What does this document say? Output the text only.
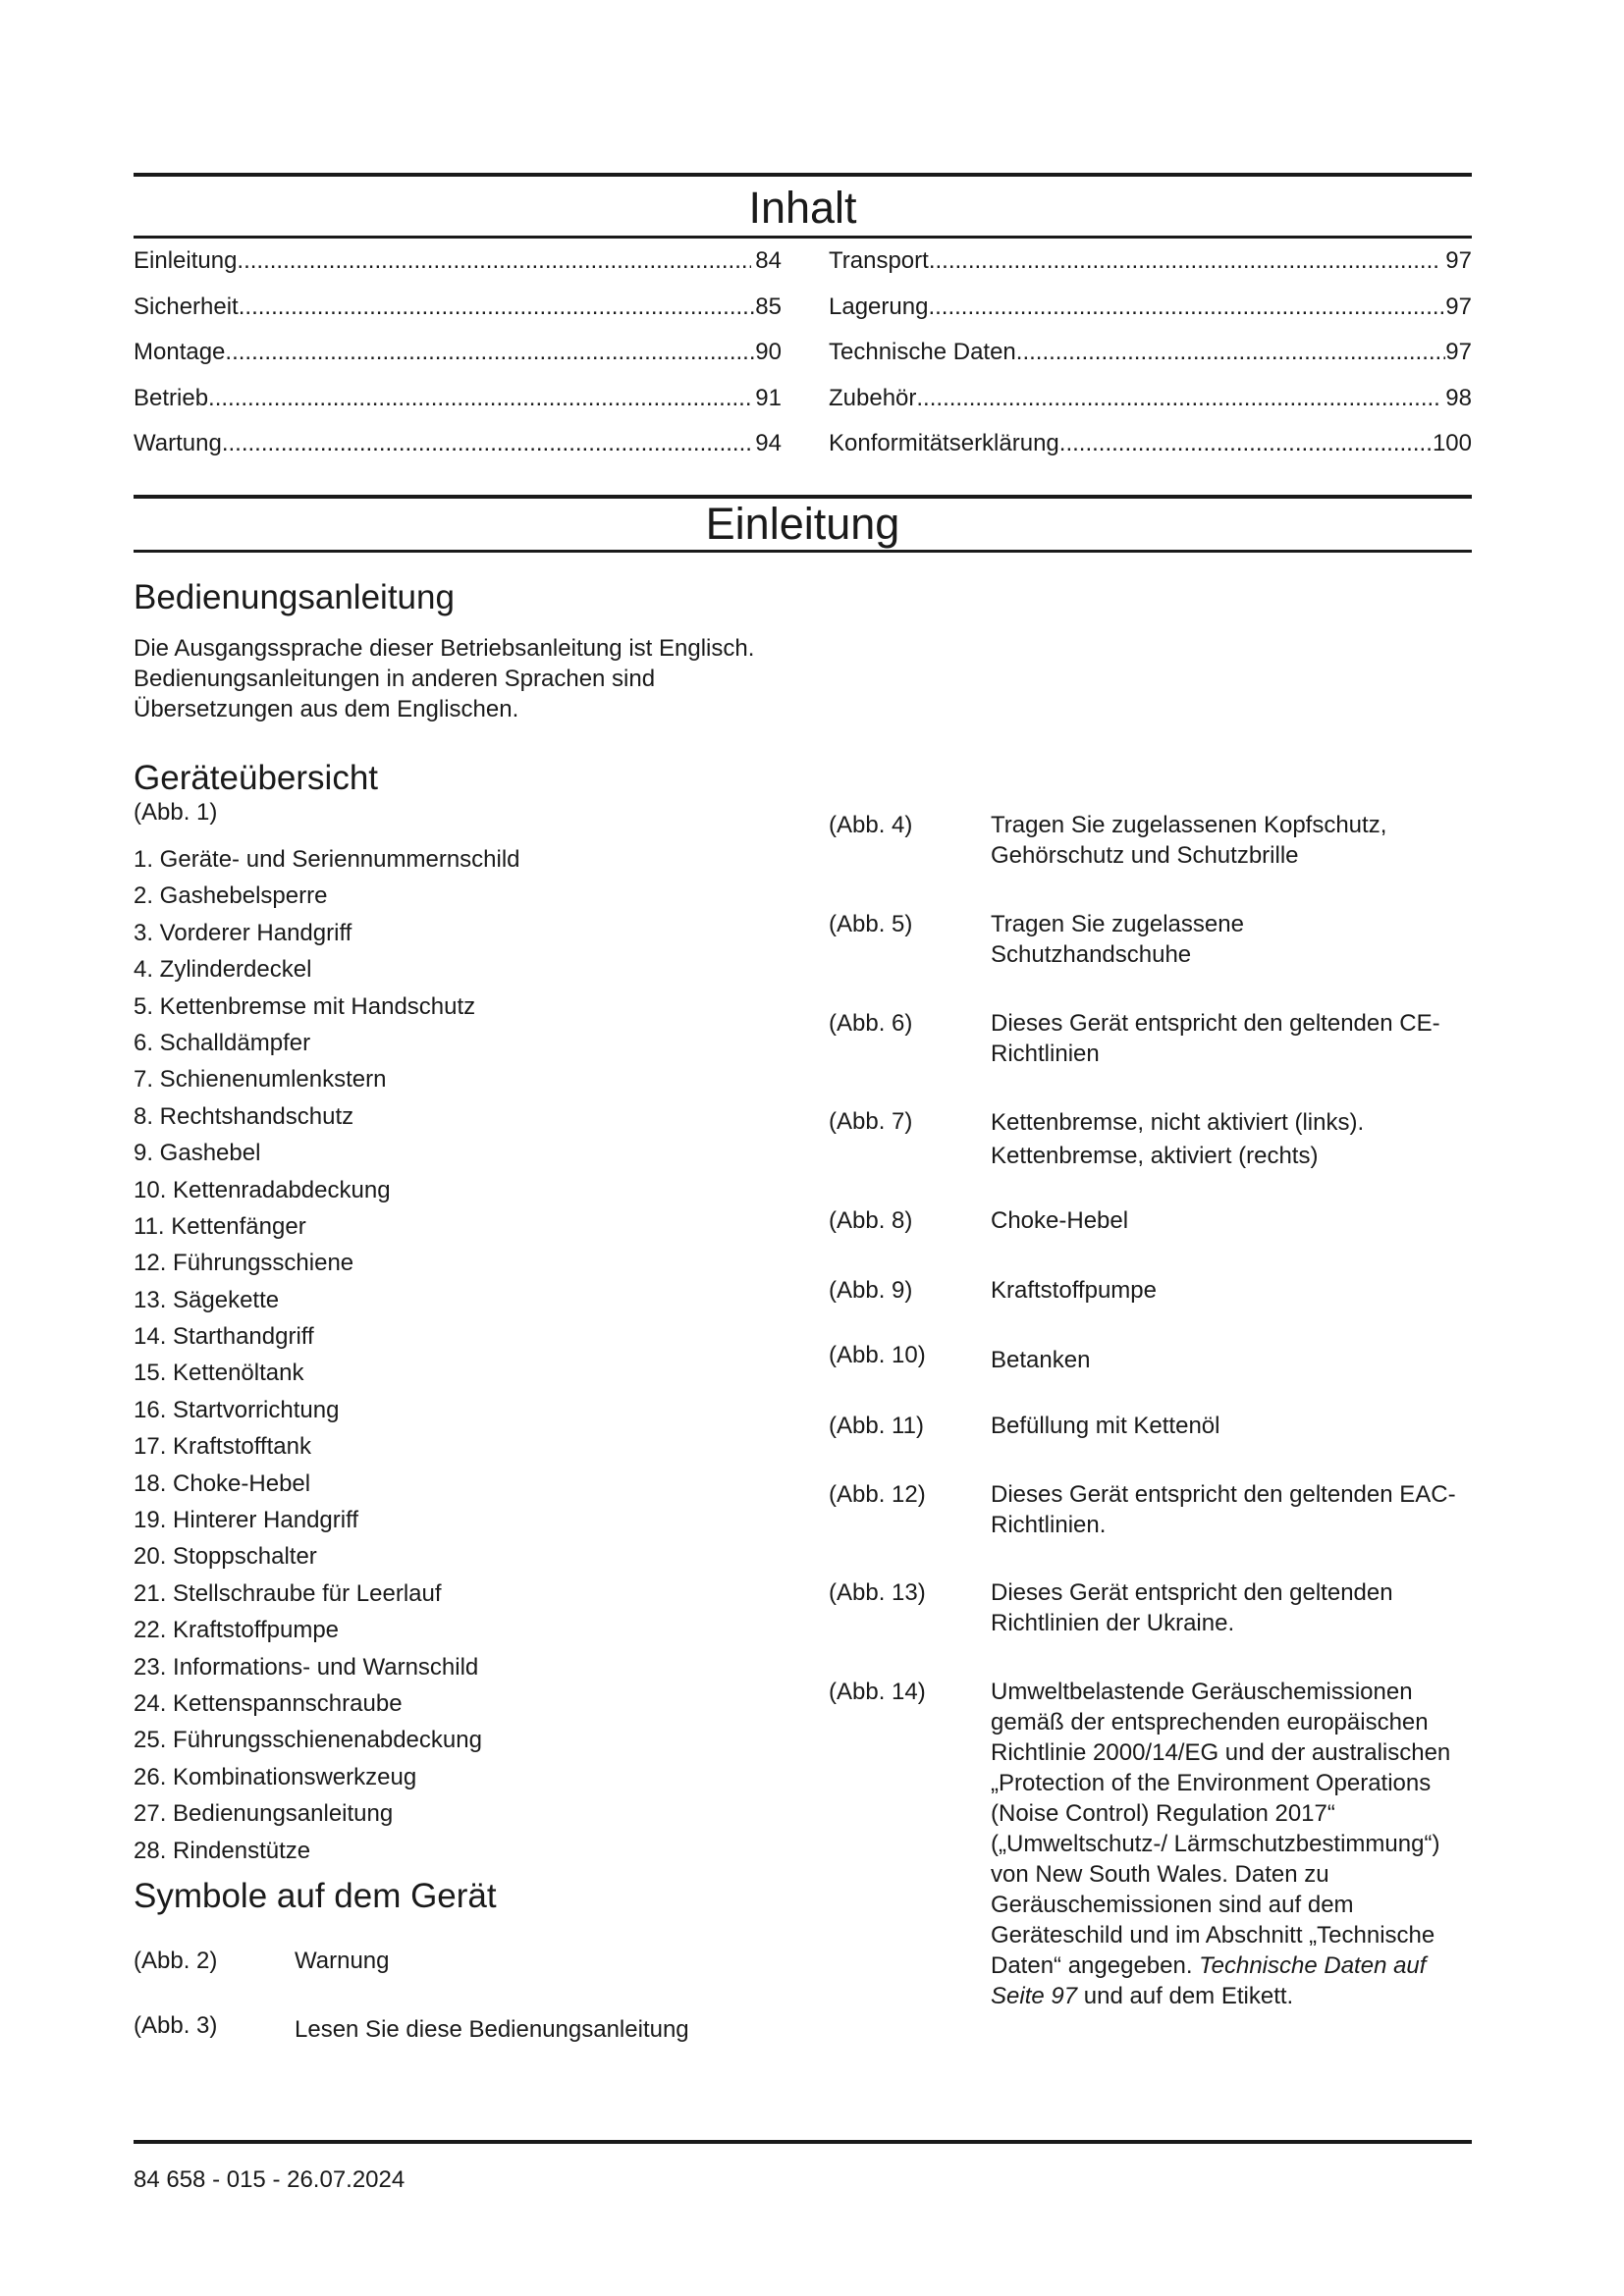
Inhalt
Einleitung .....	84
Sicherheit .....	85
Montage .....	90
Betrieb .....	91
Wartung .....	94
Transport .....	97
Lagerung .....	97
Technische Daten .....	97
Zubehör .....	98
Konformitätserklärung .....	100
Einleitung
Bedienungsanleitung

Die Ausgangssprache dieser Betriebsanleitung ist Englisch. Bedienungsanleitungen in anderen Sprachen sind Übersetzungen aus dem Englischen.

Geräteübersicht

(Abb. 1)

1. Geräte- und Seriennummernschild
2. Gashebelsperre
3. Vorderer Handgriff
4. Zylinderdeckel
5. Kettenbremse mit Handschutz
6. Schalldämpfer
7. Schienenumlenkstern
8. Rechtshandschutz
9. Gashebel
10. Kettenradabdeckung
11. Kettenfänger
12. Führungsschiene
13. Sägekette
14. Starthandgriff
15. Kettenöltank
16. Startvorrichtung
17. Kraftstofftank
18. Choke-Hebel
19. Hinterer Handgriff
20. Stoppschalter
21. Stellschraube für Leerlauf
22. Kraftstoffpumpe
23. Informations- und Warnschild
24. Kettenspannschraube
25. Führungsschienenabdeckung
26. Kombinationswerkzeug
27. Bedienungsanleitung
28. Rindenstütze
Symbole auf dem Gerät
(Abb. 2)	Warnung
(Abb. 3)	Lesen Sie diese Bedienungsanleitung
(Abb. 4)	Tragen Sie zugelassenen Kopfschutz, Gehörschutz und Schutzbrille
(Abb. 5)	Tragen Sie zugelassene Schutzhandschuhe
(Abb. 6)	Dieses Gerät entspricht den geltenden CE-Richtlinien
(Abb. 7)	Kettenbremse, nicht aktiviert (links). Kettenbremse, aktiviert (rechts)
(Abb. 8)	Choke-Hebel
(Abb. 9)	Kraftstoffpumpe
(Abb. 10)	Betanken
(Abb. 11)	Befüllung mit Kettenöl
(Abb. 12)	Dieses Gerät entspricht den geltenden EAC-Richtlinien.
(Abb. 13)	Dieses Gerät entspricht den geltenden Richtlinien der Ukraine.
(Abb. 14)	Umweltbelastende Geräuschemissionen gemäß der entsprechenden europäischen Richtlinie 2000/14/EG und der australischen „Protection of the Environment Operations (Noise Control) Regulation 2017“ („Umweltschutz-/ Lärmschutzbestimmung“) von New South Wales. Daten zu Geräuschemissionen sind auf dem Geräteschild und im Abschnitt „Technische Daten“ angegeben. Technische Daten auf Seite 97 und auf dem Etikett.

84 658 - 015 - 26.07.2024
